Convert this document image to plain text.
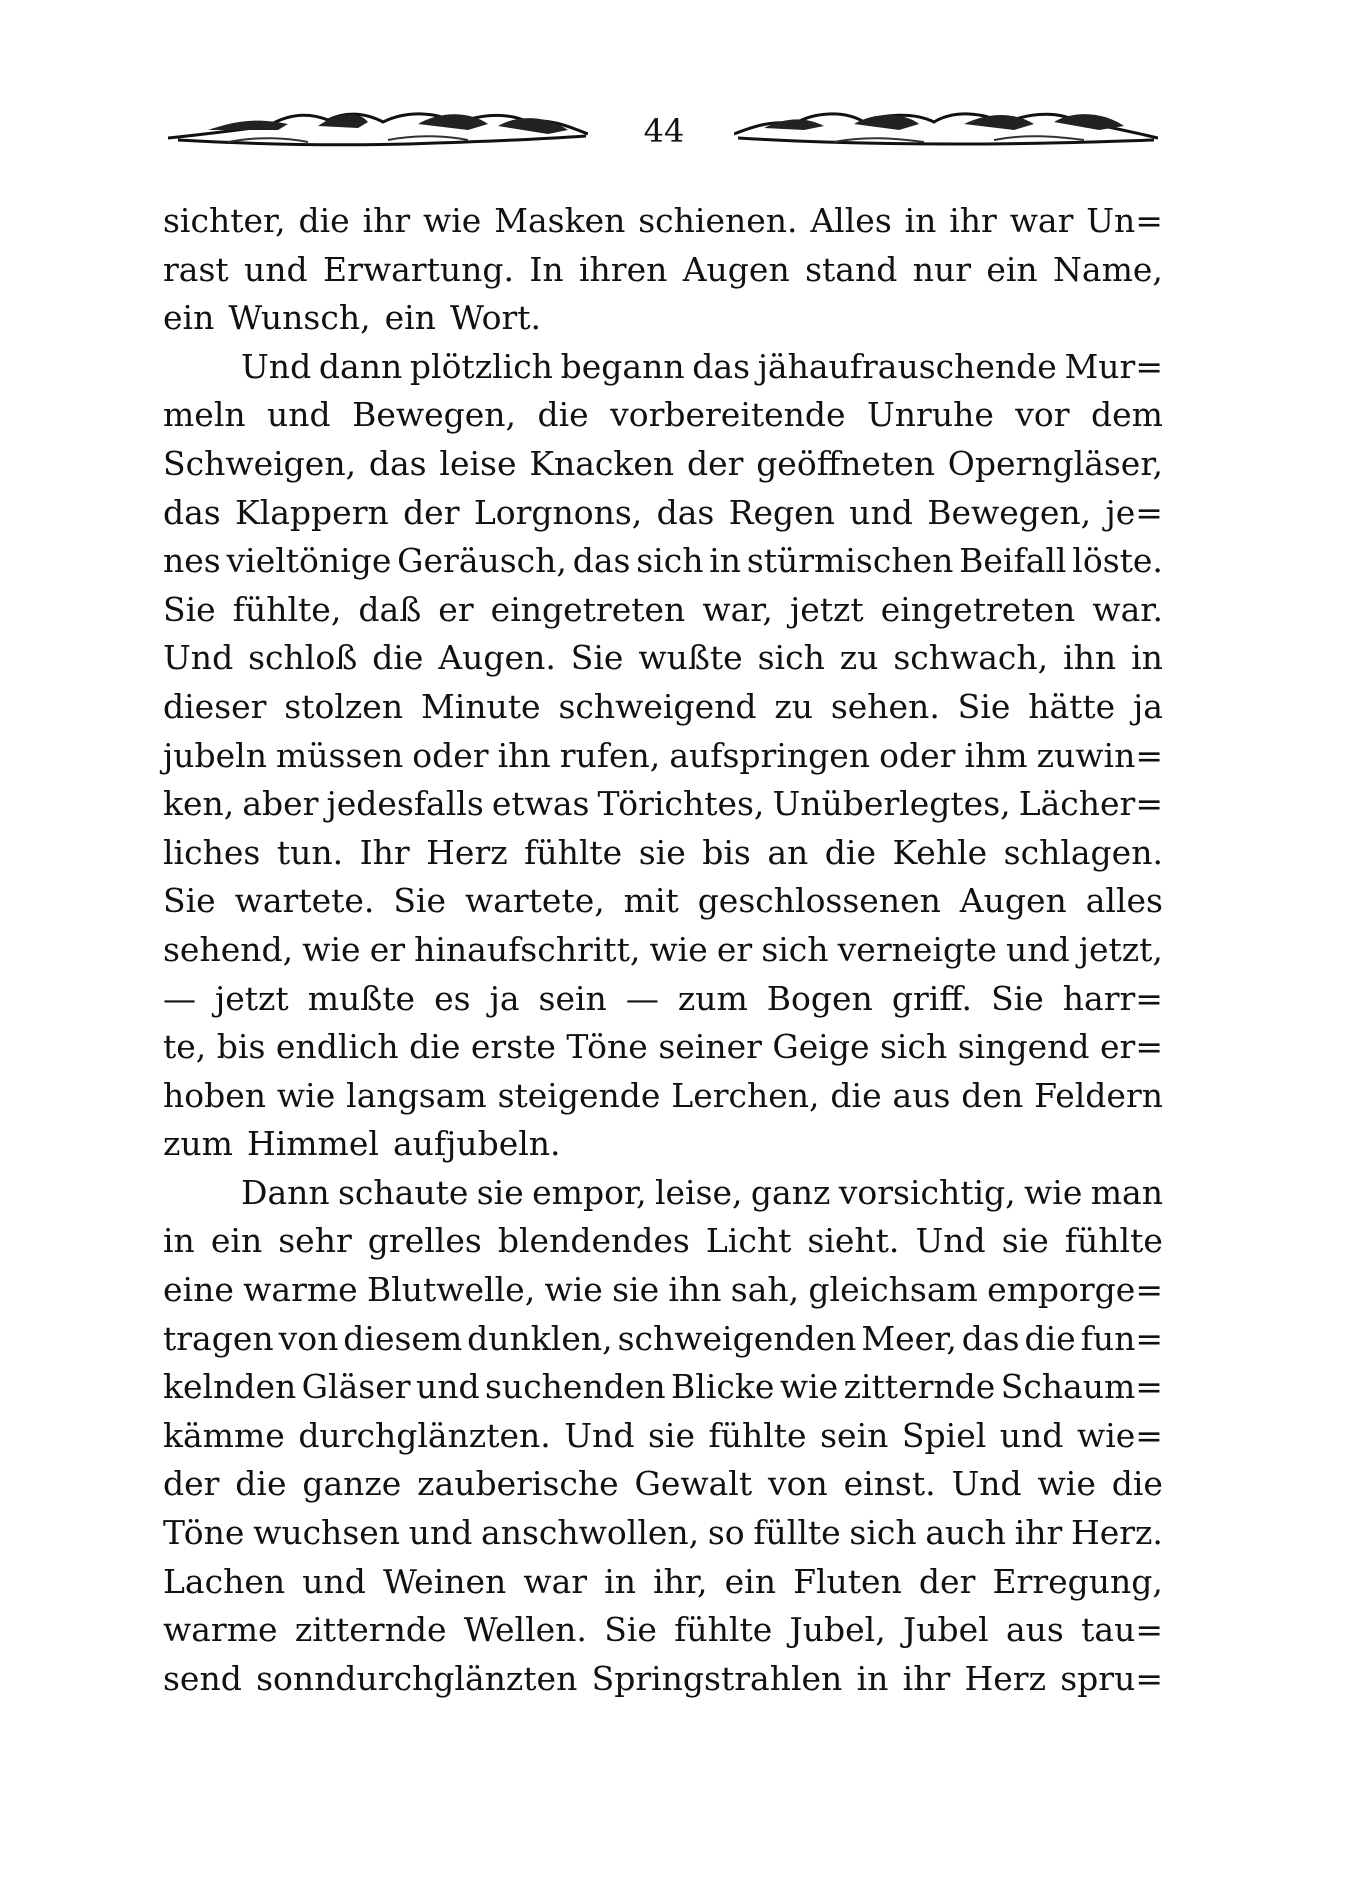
44
sichter, die ihr wie Masken schienen. Alles in ihr war Un=
rast und Erwartung. In ihren Augen stand nur ein Name,
ein Wunsch, ein Wort.
Und dann plötzlich begann das jähaufrauschende Mur=
meln und Bewegen, die vorbereitende Unruhe vor dem
Schweigen, das leise Knacken der geöffneten Operngläser,
das Klappern der Lorgnons, das Regen und Bewegen, je=
nes vieltönige Geräusch, das sich in stürmischen Beifall löste.
Sie fühlte, daß er eingetreten war, jetzt eingetreten war.
Und schloß die Augen. Sie wußte sich zu schwach, ihn in
dieser stolzen Minute schweigend zu sehen. Sie hätte ja
jubeln müssen oder ihn rufen, aufspringen oder ihm zuwin=
ken, aber jedesfalls etwas Törichtes, Unüberlegtes, Lächer=
liches tun. Ihr Herz fühlte sie bis an die Kehle schlagen.
Sie wartete. Sie wartete, mit geschlossenen Augen alles
sehend, wie er hinaufschritt, wie er sich verneigte und jetzt,
— jetzt mußte es ja sein — zum Bogen griff. Sie harr=
te, bis endlich die erste Töne seiner Geige sich singend er=
hoben wie langsam steigende Lerchen, die aus den Feldern
zum Himmel aufjubeln.
Dann schaute sie empor, leise, ganz vorsichtig, wie man
in ein sehr grelles blendendes Licht sieht. Und sie fühlte
eine warme Blutwelle, wie sie ihn sah, gleichsam emporge=
tragen von diesem dunklen, schweigenden Meer, das die fun=
kelnden Gläser und suchenden Blicke wie zitternde Schaum=
kämme durchglänzten. Und sie fühlte sein Spiel und wie=
der die ganze zauberische Gewalt von einst. Und wie die
Töne wuchsen und anschwollen, so füllte sich auch ihr Herz.
Lachen und Weinen war in ihr, ein Fluten der Erregung,
warme zitternde Wellen. Sie fühlte Jubel, Jubel aus tau=
send sonndurchglänzten Springstrahlen in ihr Herz spru=
